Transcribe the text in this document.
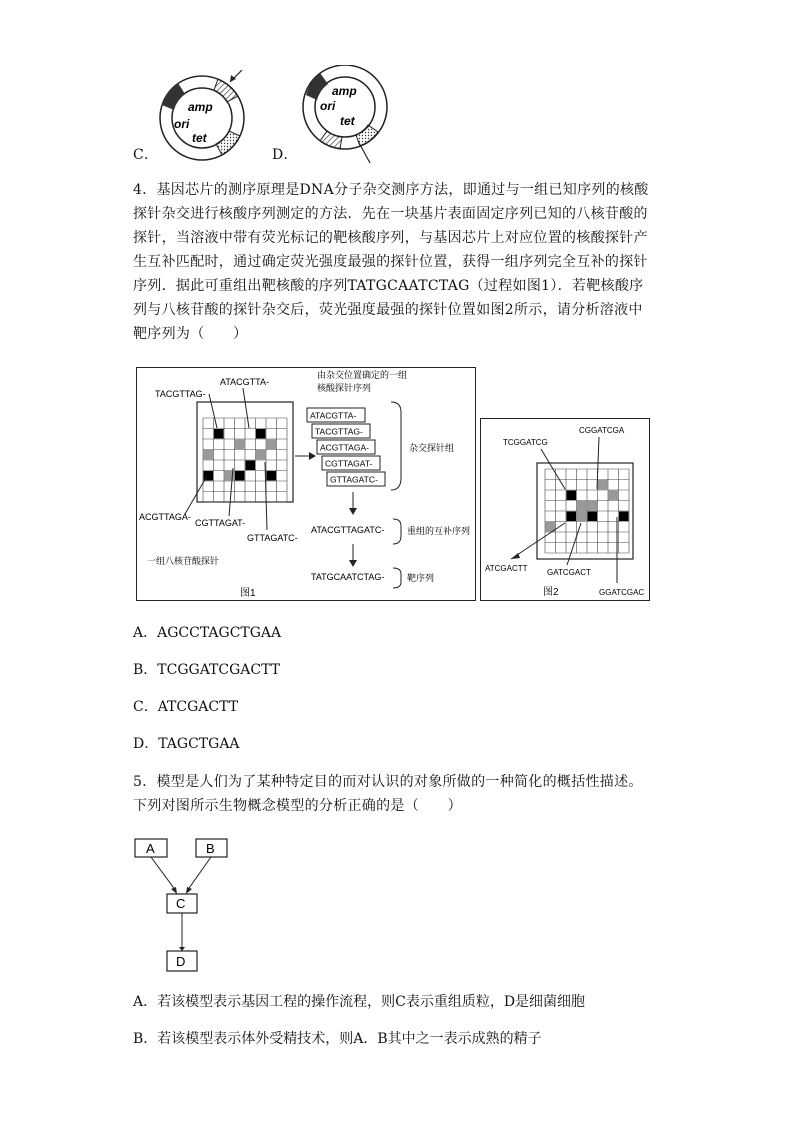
amp
ori
tet
C．
amp
ori
tet
D．
4．基因芯片的测序原理是DNA分子杂交测序方法，即通过与一组已知序列的核酸
探针杂交进行核酸序列测定的方法．先在一块基片表面固定序列已知的八核苷酸的
探针，当溶液中带有荧光标记的靶核酸序列，与基因芯片上对应位置的核酸探针产
生互补匹配时，通过确定荧光强度最强的探针位置，获得一组序列完全互补的探针
序列．据此可重组出靶核酸的序列TATGCAATCTAG（过程如图1）．若靶核酸序
列与八核苷酸的探针杂交后，荧光强度最强的探针位置如图2所示，请分析溶液中
靶序列为（　　）
TACGTTAG-
ATACGTTA-
ACGTTAGA-
CGTTAGAT-
GTTAGATC-
一组八核苷酸探针
由杂交位置确定的一组
核酸探针序列
ATACGTTA-
TACGTTAG-
ACGTTAGA-
CGTTAGAT-
GTTAGATC-
杂交探针组
ATACGTTAGATC-	重组的互补序列
TATGCAATCTAG-	靶序列
图1
TCGGATCG
CGGATCGA
ATCGACTT GATCGACT
GGATCGAC
图2
A．AGCCTAGCTGAA
B．TCGGATCGACTT
C．ATCGACTT
D．TAGCTGAA
5．模型是人们为了某种特定目的而对认识的对象所做的一种简化的概括性描述。
下列对图所示生物概念模型的分析正确的是（　　）
A	B
C
D
A．若该模型表示基因工程的操作流程，则C表示重组质粒，D是细菌细胞
B．若该模型表示体外受精技术，则A．B其中之一表示成熟的精子
